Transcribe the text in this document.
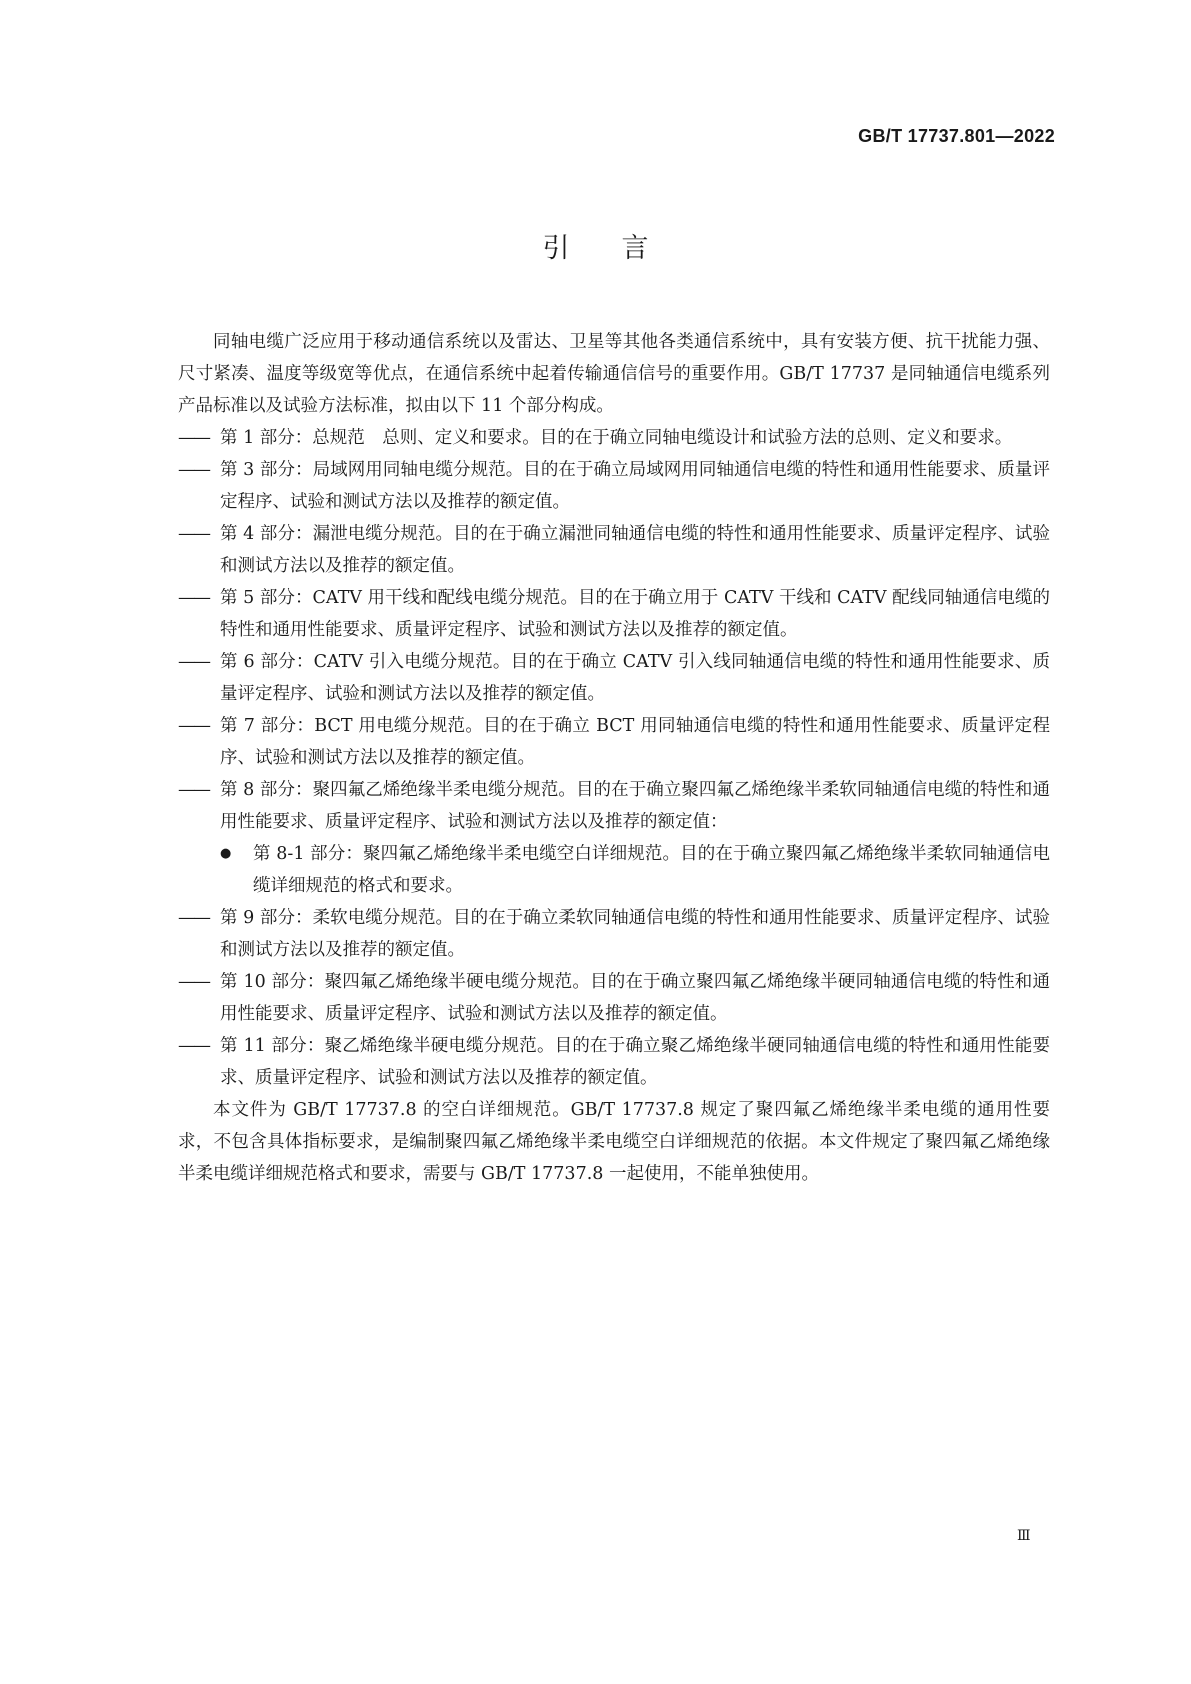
GB/T 17737.801—2022
引言

同轴电缆广泛应用于移动通信系统以及雷达、卫星等其他各类通信系统中，具有安装方便、抗干扰能力强、尺寸紧凑、温度等级宽等优点，在通信系统中起着传输通信信号的重要作用。GB/T 17737 是同轴通信电缆系列产品标准以及试验方法标准，拟由以下 11 个部分构成。

—— 第 1 部分：总规范　总则、定义和要求。目的在于确立同轴电缆设计和试验方法的总则、定义和要求。
—— 第 3 部分：局域网用同轴电缆分规范。目的在于确立局域网用同轴通信电缆的特性和通用性能要求、质量评定程序、试验和测试方法以及推荐的额定值。
—— 第 4 部分：漏泄电缆分规范。目的在于确立漏泄同轴通信电缆的特性和通用性能要求、质量评定程序、试验和测试方法以及推荐的额定值。
—— 第 5 部分：CATV 用干线和配线电缆分规范。目的在于确立用于 CATV 干线和 CATV 配线同轴通信电缆的特性和通用性能要求、质量评定程序、试验和测试方法以及推荐的额定值。
—— 第 6 部分：CATV 引入电缆分规范。目的在于确立 CATV 引入线同轴通信电缆的特性和通用性能要求、质量评定程序、试验和测试方法以及推荐的额定值。
—— 第 7 部分：BCT 用电缆分规范。目的在于确立 BCT 用同轴通信电缆的特性和通用性能要求、质量评定程序、试验和测试方法以及推荐的额定值。
—— 第 8 部分：聚四氟乙烯绝缘半柔电缆分规范。目的在于确立聚四氟乙烯绝缘半柔软同轴通信电缆的特性和通用性能要求、质量评定程序、试验和测试方法以及推荐的额定值：
● 第 8-1 部分：聚四氟乙烯绝缘半柔电缆空白详细规范。目的在于确立聚四氟乙烯绝缘半柔软同轴通信电缆详细规范的格式和要求。
—— 第 9 部分：柔软电缆分规范。目的在于确立柔软同轴通信电缆的特性和通用性能要求、质量评定程序、试验和测试方法以及推荐的额定值。
—— 第 10 部分：聚四氟乙烯绝缘半硬电缆分规范。目的在于确立聚四氟乙烯绝缘半硬同轴通信电缆的特性和通用性能要求、质量评定程序、试验和测试方法以及推荐的额定值。
—— 第 11 部分：聚乙烯绝缘半硬电缆分规范。目的在于确立聚乙烯绝缘半硬同轴通信电缆的特性和通用性能要求、质量评定程序、试验和测试方法以及推荐的额定值。

本文件为 GB/T 17737.8 的空白详细规范。GB/T 17737.8 规定了聚四氟乙烯绝缘半柔电缆的通用性要求，不包含具体指标要求，是编制聚四氟乙烯绝缘半柔电缆空白详细规范的依据。本文件规定了聚四氟乙烯绝缘半柔电缆详细规范格式和要求，需要与 GB/T 17737.8 一起使用，不能单独使用。

Ⅲ
